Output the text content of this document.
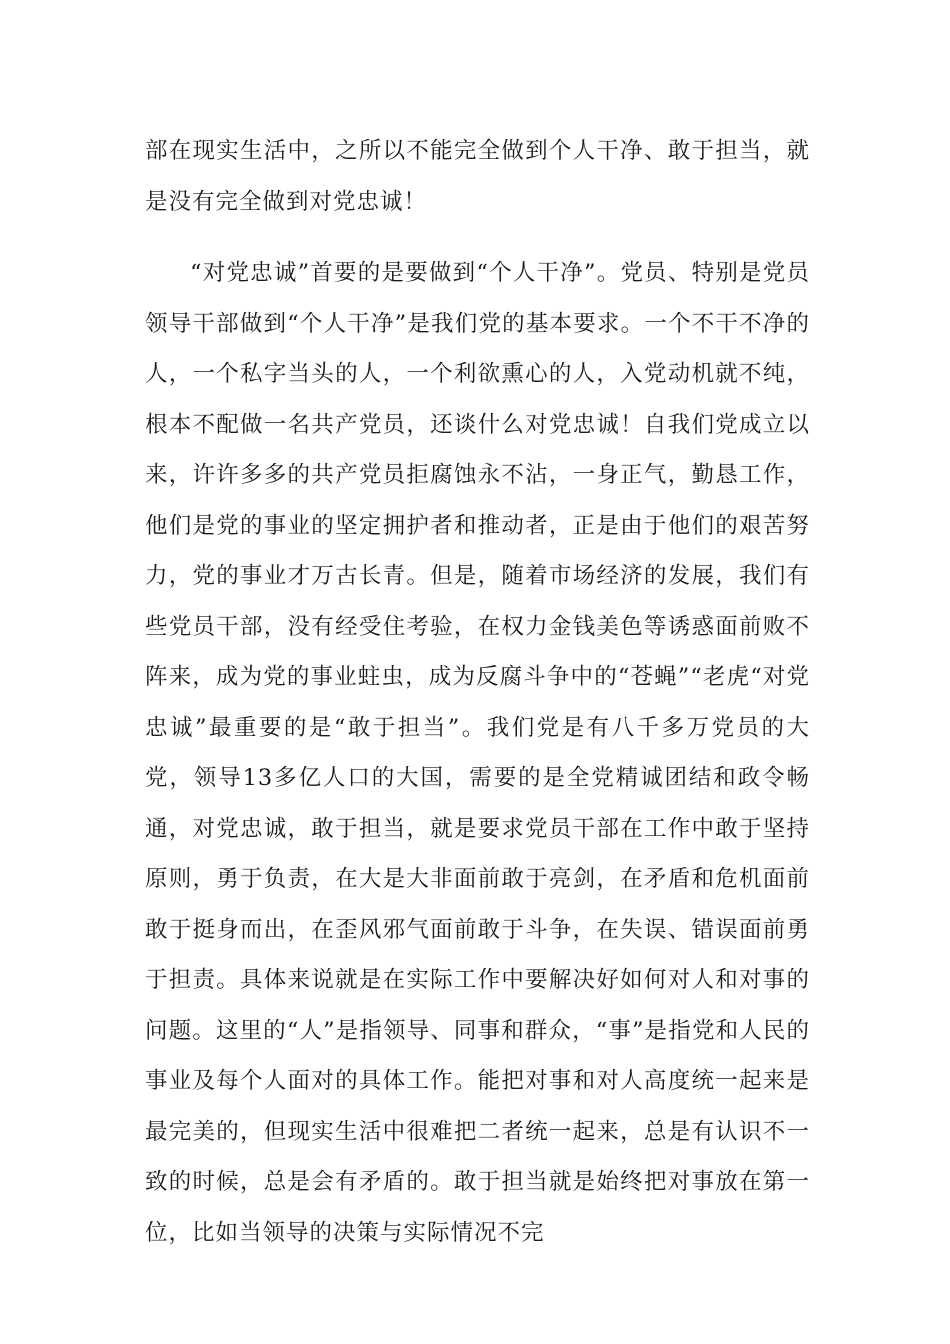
部在现实生活中，之所以不能完全做到个人干净、敢于担当，就是没有完全做到对党忠诚！

“对党忠诚”首要的是要做到“个人干净”。党员、特别是党员领导干部做到“个人干净”是我们党的基本要求。一个不干不净的人，一个私字当头的人，一个利欲熏心的人，入党动机就不纯，根本不配做一名共产党员，还谈什么对党忠诚！自我们党成立以来，许许多多的共产党员拒腐蚀永不沾，一身正气，勤恳工作，他们是党的事业的坚定拥护者和推动者，正是由于他们的艰苦努力，党的事业才万古长青。但是，随着市场经济的发展，我们有些党员干部，没有经受住考验，在权力金钱美色等诱惑面前败不阵来，成为党的事业蛀虫，成为反腐斗争中的“苍蝇”“老虎“对党忠诚”最重要的是“敢于担当”。我们党是有八千多万党员的大党，领导13多亿人口的大国，需要的是全党精诚团结和政令畅通，对党忠诚，敢于担当，就是要求党员干部在工作中敢于坚持原则，勇于负责，在大是大非面前敢于亮剑，在矛盾和危机面前敢于挺身而出，在歪风邪气面前敢于斗争，在失误、错误面前勇于担责。具体来说就是在实际工作中要解决好如何对人和对事的问题。这里的“人”是指领导、同事和群众，“事”是指党和人民的事业及每个人面对的具体工作。能把对事和对人高度统一起来是最完美的，但现实生活中很难把二者统一起来，总是有认识不一致的时候，总是会有矛盾的。敢于担当就是始终把对事放在第一位，比如当领导的决策与实际情况不完
